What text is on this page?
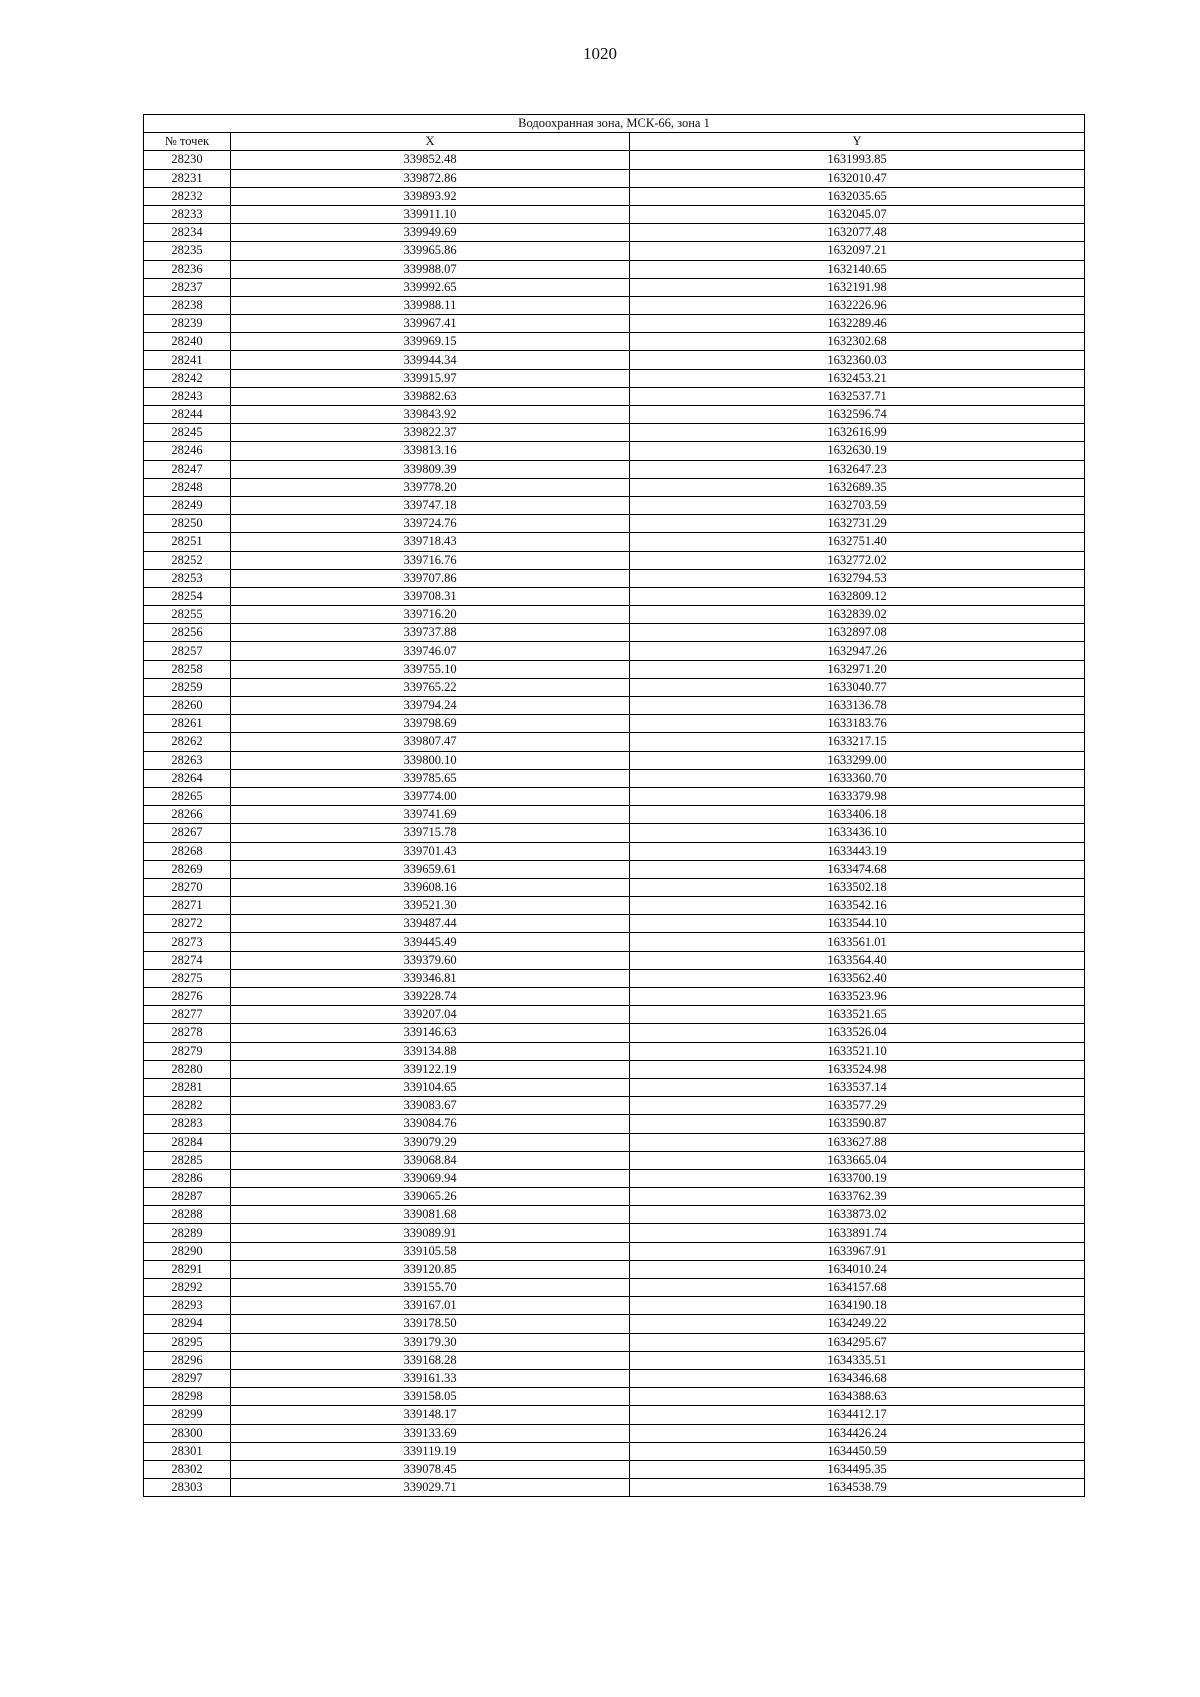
1020
Водоохранная зона, МСК-66, зона 1		
№ точек	X	Y
28230	339852.48	1631993.85
28231	339872.86	1632010.47
28232	339893.92	1632035.65
28233	339911.10	1632045.07
28234	339949.69	1632077.48
28235	339965.86	1632097.21
28236	339988.07	1632140.65
28237	339992.65	1632191.98
28238	339988.11	1632226.96
28239	339967.41	1632289.46
28240	339969.15	1632302.68
28241	339944.34	1632360.03
28242	339915.97	1632453.21
28243	339882.63	1632537.71
28244	339843.92	1632596.74
28245	339822.37	1632616.99
28246	339813.16	1632630.19
28247	339809.39	1632647.23
28248	339778.20	1632689.35
28249	339747.18	1632703.59
28250	339724.76	1632731.29
28251	339718.43	1632751.40
28252	339716.76	1632772.02
28253	339707.86	1632794.53
28254	339708.31	1632809.12
28255	339716.20	1632839.02
28256	339737.88	1632897.08
28257	339746.07	1632947.26
28258	339755.10	1632971.20
28259	339765.22	1633040.77
28260	339794.24	1633136.78
28261	339798.69	1633183.76
28262	339807.47	1633217.15
28263	339800.10	1633299.00
28264	339785.65	1633360.70
28265	339774.00	1633379.98
28266	339741.69	1633406.18
28267	339715.78	1633436.10
28268	339701.43	1633443.19
28269	339659.61	1633474.68
28270	339608.16	1633502.18
28271	339521.30	1633542.16
28272	339487.44	1633544.10
28273	339445.49	1633561.01
28274	339379.60	1633564.40
28275	339346.81	1633562.40
28276	339228.74	1633523.96
28277	339207.04	1633521.65
28278	339146.63	1633526.04
28279	339134.88	1633521.10
28280	339122.19	1633524.98
28281	339104.65	1633537.14
28282	339083.67	1633577.29
28283	339084.76	1633590.87
28284	339079.29	1633627.88
28285	339068.84	1633665.04
28286	339069.94	1633700.19
28287	339065.26	1633762.39
28288	339081.68	1633873.02
28289	339089.91	1633891.74
28290	339105.58	1633967.91
28291	339120.85	1634010.24
28292	339155.70	1634157.68
28293	339167.01	1634190.18
28294	339178.50	1634249.22
28295	339179.30	1634295.67
28296	339168.28	1634335.51
28297	339161.33	1634346.68
28298	339158.05	1634388.63
28299	339148.17	1634412.17
28300	339133.69	1634426.24
28301	339119.19	1634450.59
28302	339078.45	1634495.35
28303	339029.71	1634538.79
